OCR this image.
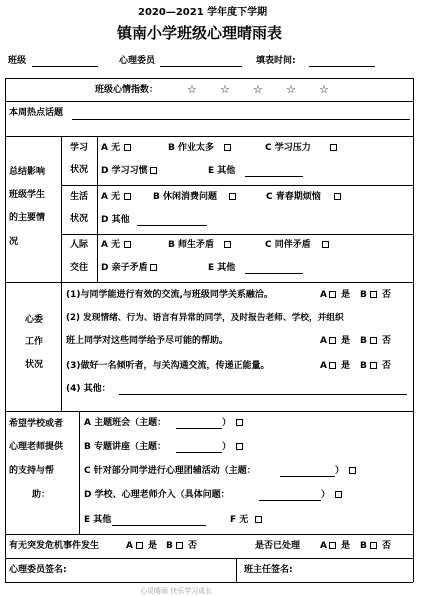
2020—2021 学年度下学期
镇南小学班级心理晴雨表
班级	心理委员	填表时间:
班级心情指数：	☆ ☆ ☆ ☆ ☆
本周热点话题
总结影响
班级学生
的主要情
况
学习
状况
A 无	B 作业太多	C 学习压力
D 学习习惯	E 其他
生活
状况
A 无	B 休闲消费问题	C 青春期烦恼
D 其他
人际
交往
A 无	B 师生矛盾	C 同伴矛盾
D 亲子矛盾	E 其他
心委
工作
状况
(1)与同学能进行有效的交流,与班级同学关系融洽。	A 是 B 否
(2) 发现情绪、行为、语言有异常的同学，及时报告老师、学校，并组织
班上同学对这些同学给予尽可能的帮助。	A 是 B 否
(3)做好一名倾听者，与关沟通交流，传递正能量。	A 是 B 否
(4) 其他：
希望学校或者
心理老师提供
的支持与帮
助：
A 主题班会（主题：	）
B 专题讲座（主题：	）
C 针对部分同学进行心理团辅活动（主题：	）
D 学校、心理老师介入（具体问题：	）
E 其他	F 无
有无突发危机事件发生	A 是 B 否	是否已处理 A 是 B 否
心理委员签名:	班主任签名:
心灵晴雨 快乐学习成长
